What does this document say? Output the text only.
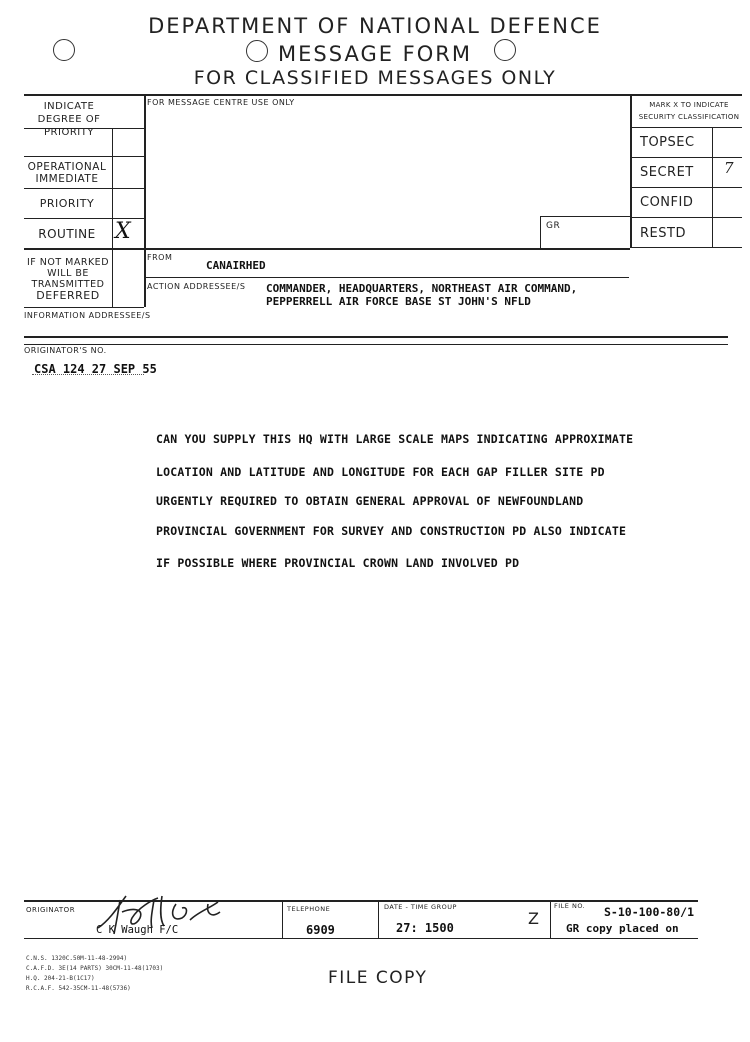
DEPARTMENT OF NATIONAL DEFENCE
MESSAGE FORM
FOR CLASSIFIED MESSAGES ONLY
INDICATE DEGREE OF PRIORITY
OPERATIONAL IMMEDIATE
PRIORITY
ROUTINE X
IF NOT MARKED WILL BE TRANSMITTED
DEFERRED
FOR MESSAGE CENTRE USE ONLY
GR
MARK X TO INDICATE SECURITY CLASSIFICATION
TOPSEC
SECRET 7
CONFID
RESTD
FROM
CANAIRHED
ACTION ADDRESSEE/S COMMANDER, HEADQUARTERS, NORTHEAST AIR COMMAND,
PEPPERRELL AIR FORCE BASE ST JOHN'S NFLD
INFORMATION ADDRESSEE/S
ORIGINATOR'S NO.
CSA 124 27 SEP 55
CAN YOU SUPPLY THIS HQ WITH LARGE SCALE MAPS INDICATING APPROXIMATE
LOCATION AND LATITUDE AND LONGITUDE FOR EACH GAP FILLER SITE PD
URGENTLY REQUIRED TO OBTAIN GENERAL APPROVAL OF NEWFOUNDLAND
PROVINCIAL GOVERNMENT FOR SURVEY AND CONSTRUCTION PD ALSO INDICATE
IF POSSIBLE WHERE PROVINCIAL CROWN LAND INVOLVED PD
ORIGINATOR
C K Waugh F/C
TELEPHONE
6909
DATE - TIME GROUP
27: 1500	Z
FILE NO. S-10-100-80/1
GR copy placed on
C.N.S. 1320C.50M-11-48-2994)
C.A.F.D. 3E(14 PARTS) 30CM-11-48(1703)
H.Q. 204-21-B(1C17)
R.C.A.F. 542-35CM-11-48(5736)
FILE COPY
